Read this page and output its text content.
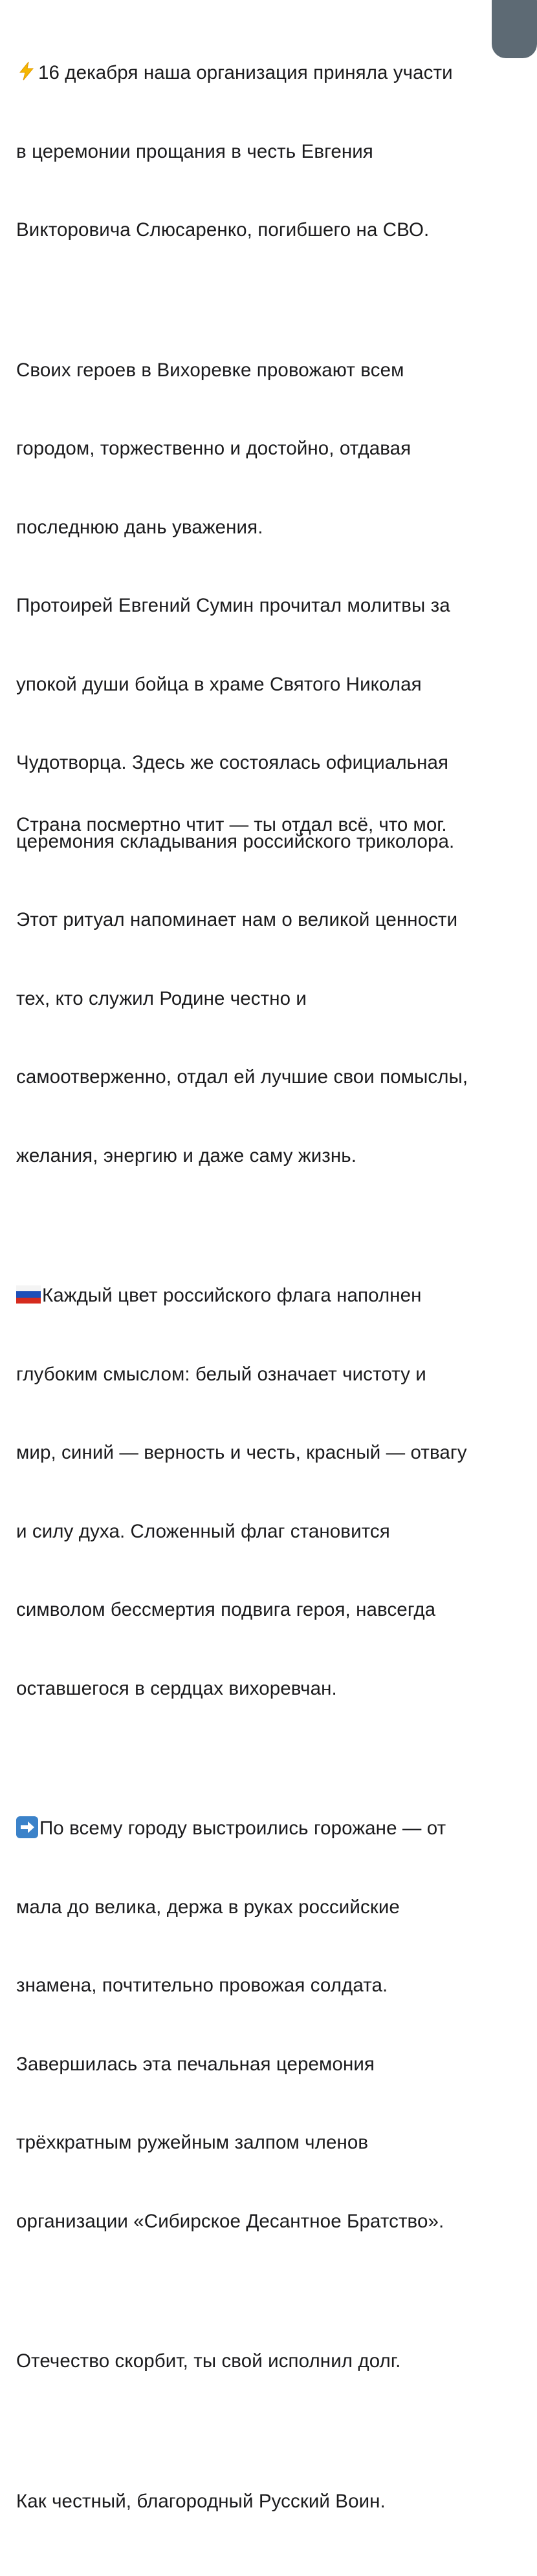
16 декабря наша организация приняла участи

в церемонии прощания в честь Евгения

Викторовича Слюсаренко, погибшего на СВО.

Своих героев в Вихоревке провожают всем

городом, торжественно и достойно, отдавая

последнюю дань уважения.

Протоирей Евгений Сумин прочитал молитвы за

упокой души бойца в храме Святого Николая

Чудотворца. Здесь же состоялась официальная

церемония складывания российского триколора.

Этот ритуал напоминает нам о великой ценности

тех, кто служил Родине честно и

самоотверженно, отдал ей лучшие свои помыслы,

желания, энергию и даже саму жизнь.

Каждый цвет российского флага наполнен

глубоким смыслом: белый означает чистоту и

мир, синий — верность и честь, красный — отвагу

и силу духа. Сложенный флаг становится

символом бессмертия подвига героя, навсегда

оставшегося в сердцах вихоревчан.

По всему городу выстроились горожане — от

мала до велика, держа в руках российские

знамена, почтительно провожая солдата.

Завершилась эта печальная церемония

трёхкратным ружейным залпом членов

организации «Сибирское Десантное Братство».

Отечество скорбит, ты свой исполнил долг.

Как честный, благородный Русский Воин.

Страна посмертно чтит — ты отдал всё, что мог.
